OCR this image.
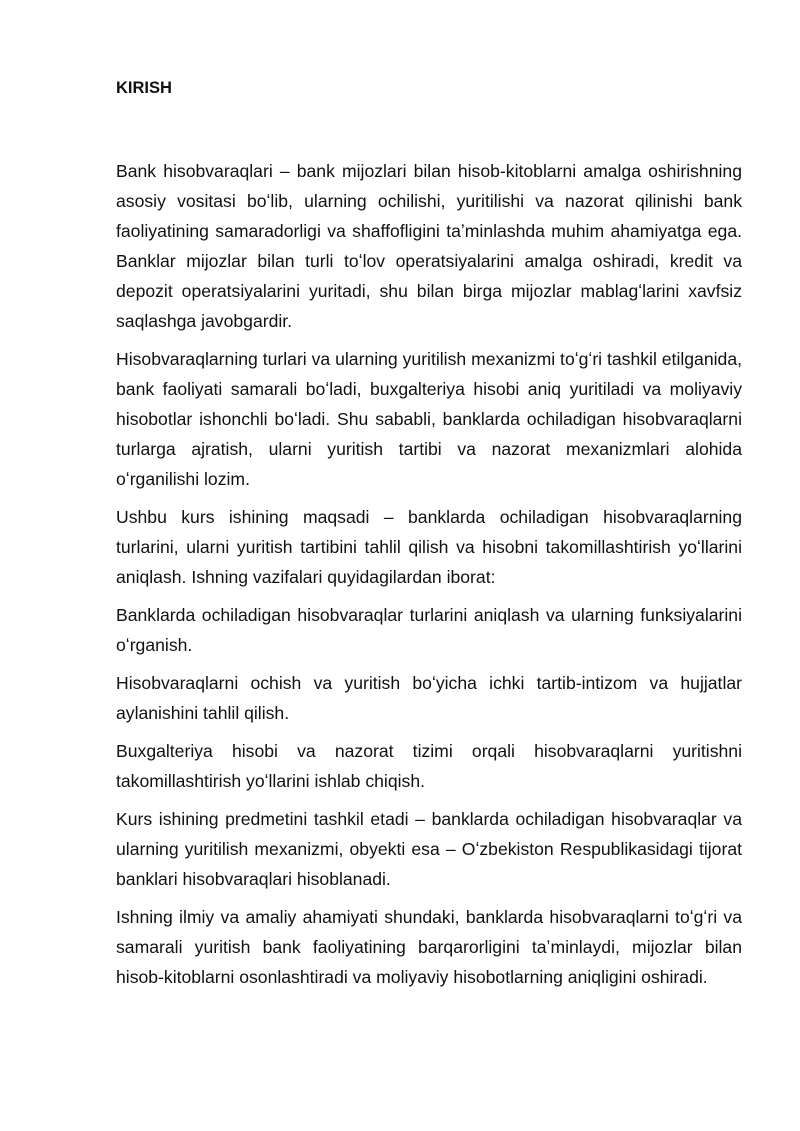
KIRISH

Bank hisobvaraqlari – bank mijozlari bilan hisob-kitoblarni amalga oshirishning asosiy vositasi boʻlib, ularning ochilishi, yuritilishi va nazorat qilinishi bank faoliyatining samaradorligi va shaffofligini taʼminlashda muhim ahamiyatga ega. Banklar mijozlar bilan turli toʻlov operatsiyalarini amalga oshiradi, kredit va depozit operatsiyalarini yuritadi, shu bilan birga mijozlar mablagʻlarini xavfsiz saqlashga javobgardir.

Hisobvaraqlarning turlari va ularning yuritilish mexanizmi toʻgʻri tashkil etilganida, bank faoliyati samarali boʻladi, buxgalteriya hisobi aniq yuritiladi va moliyaviy hisobotlar ishonchli boʻladi. Shu sababli, banklarda ochiladigan hisobvaraqlarni turlarga ajratish, ularni yuritish tartibi va nazorat mexanizmlari alohida oʻrganilishi lozim.

Ushbu kurs ishining maqsadi – banklarda ochiladigan hisobvaraqlarning turlarini, ularni yuritish tartibini tahlil qilish va hisobni takomillashtirish yoʻllarini aniqlash. Ishning vazifalari quyidagilardan iborat:

Banklarda ochiladigan hisobvaraqlar turlarini aniqlash va ularning funksiyalarini oʻrganish.

Hisobvaraqlarni ochish va yuritish boʻyicha ichki tartib-intizom va hujjatlar aylanishini tahlil qilish.

Buxgalteriya hisobi va nazorat tizimi orqali hisobvaraqlarni yuritishni takomillashtirish yoʻllarini ishlab chiqish.

Kurs ishining predmetini tashkil etadi – banklarda ochiladigan hisobvaraqlar va ularning yuritilish mexanizmi, obyekti esa – Oʻzbekiston Respublikasidagi tijorat banklari hisobvaraqlari hisoblanadi.

Ishning ilmiy va amaliy ahamiyati shundaki, banklarda hisobvaraqlarni toʻgʻri va samarali yuritish bank faoliyatining barqarorligini taʼminlaydi, mijozlar bilan hisob-kitoblarni osonlashtiradi va moliyaviy hisobotlarning aniqligini oshiradi.
